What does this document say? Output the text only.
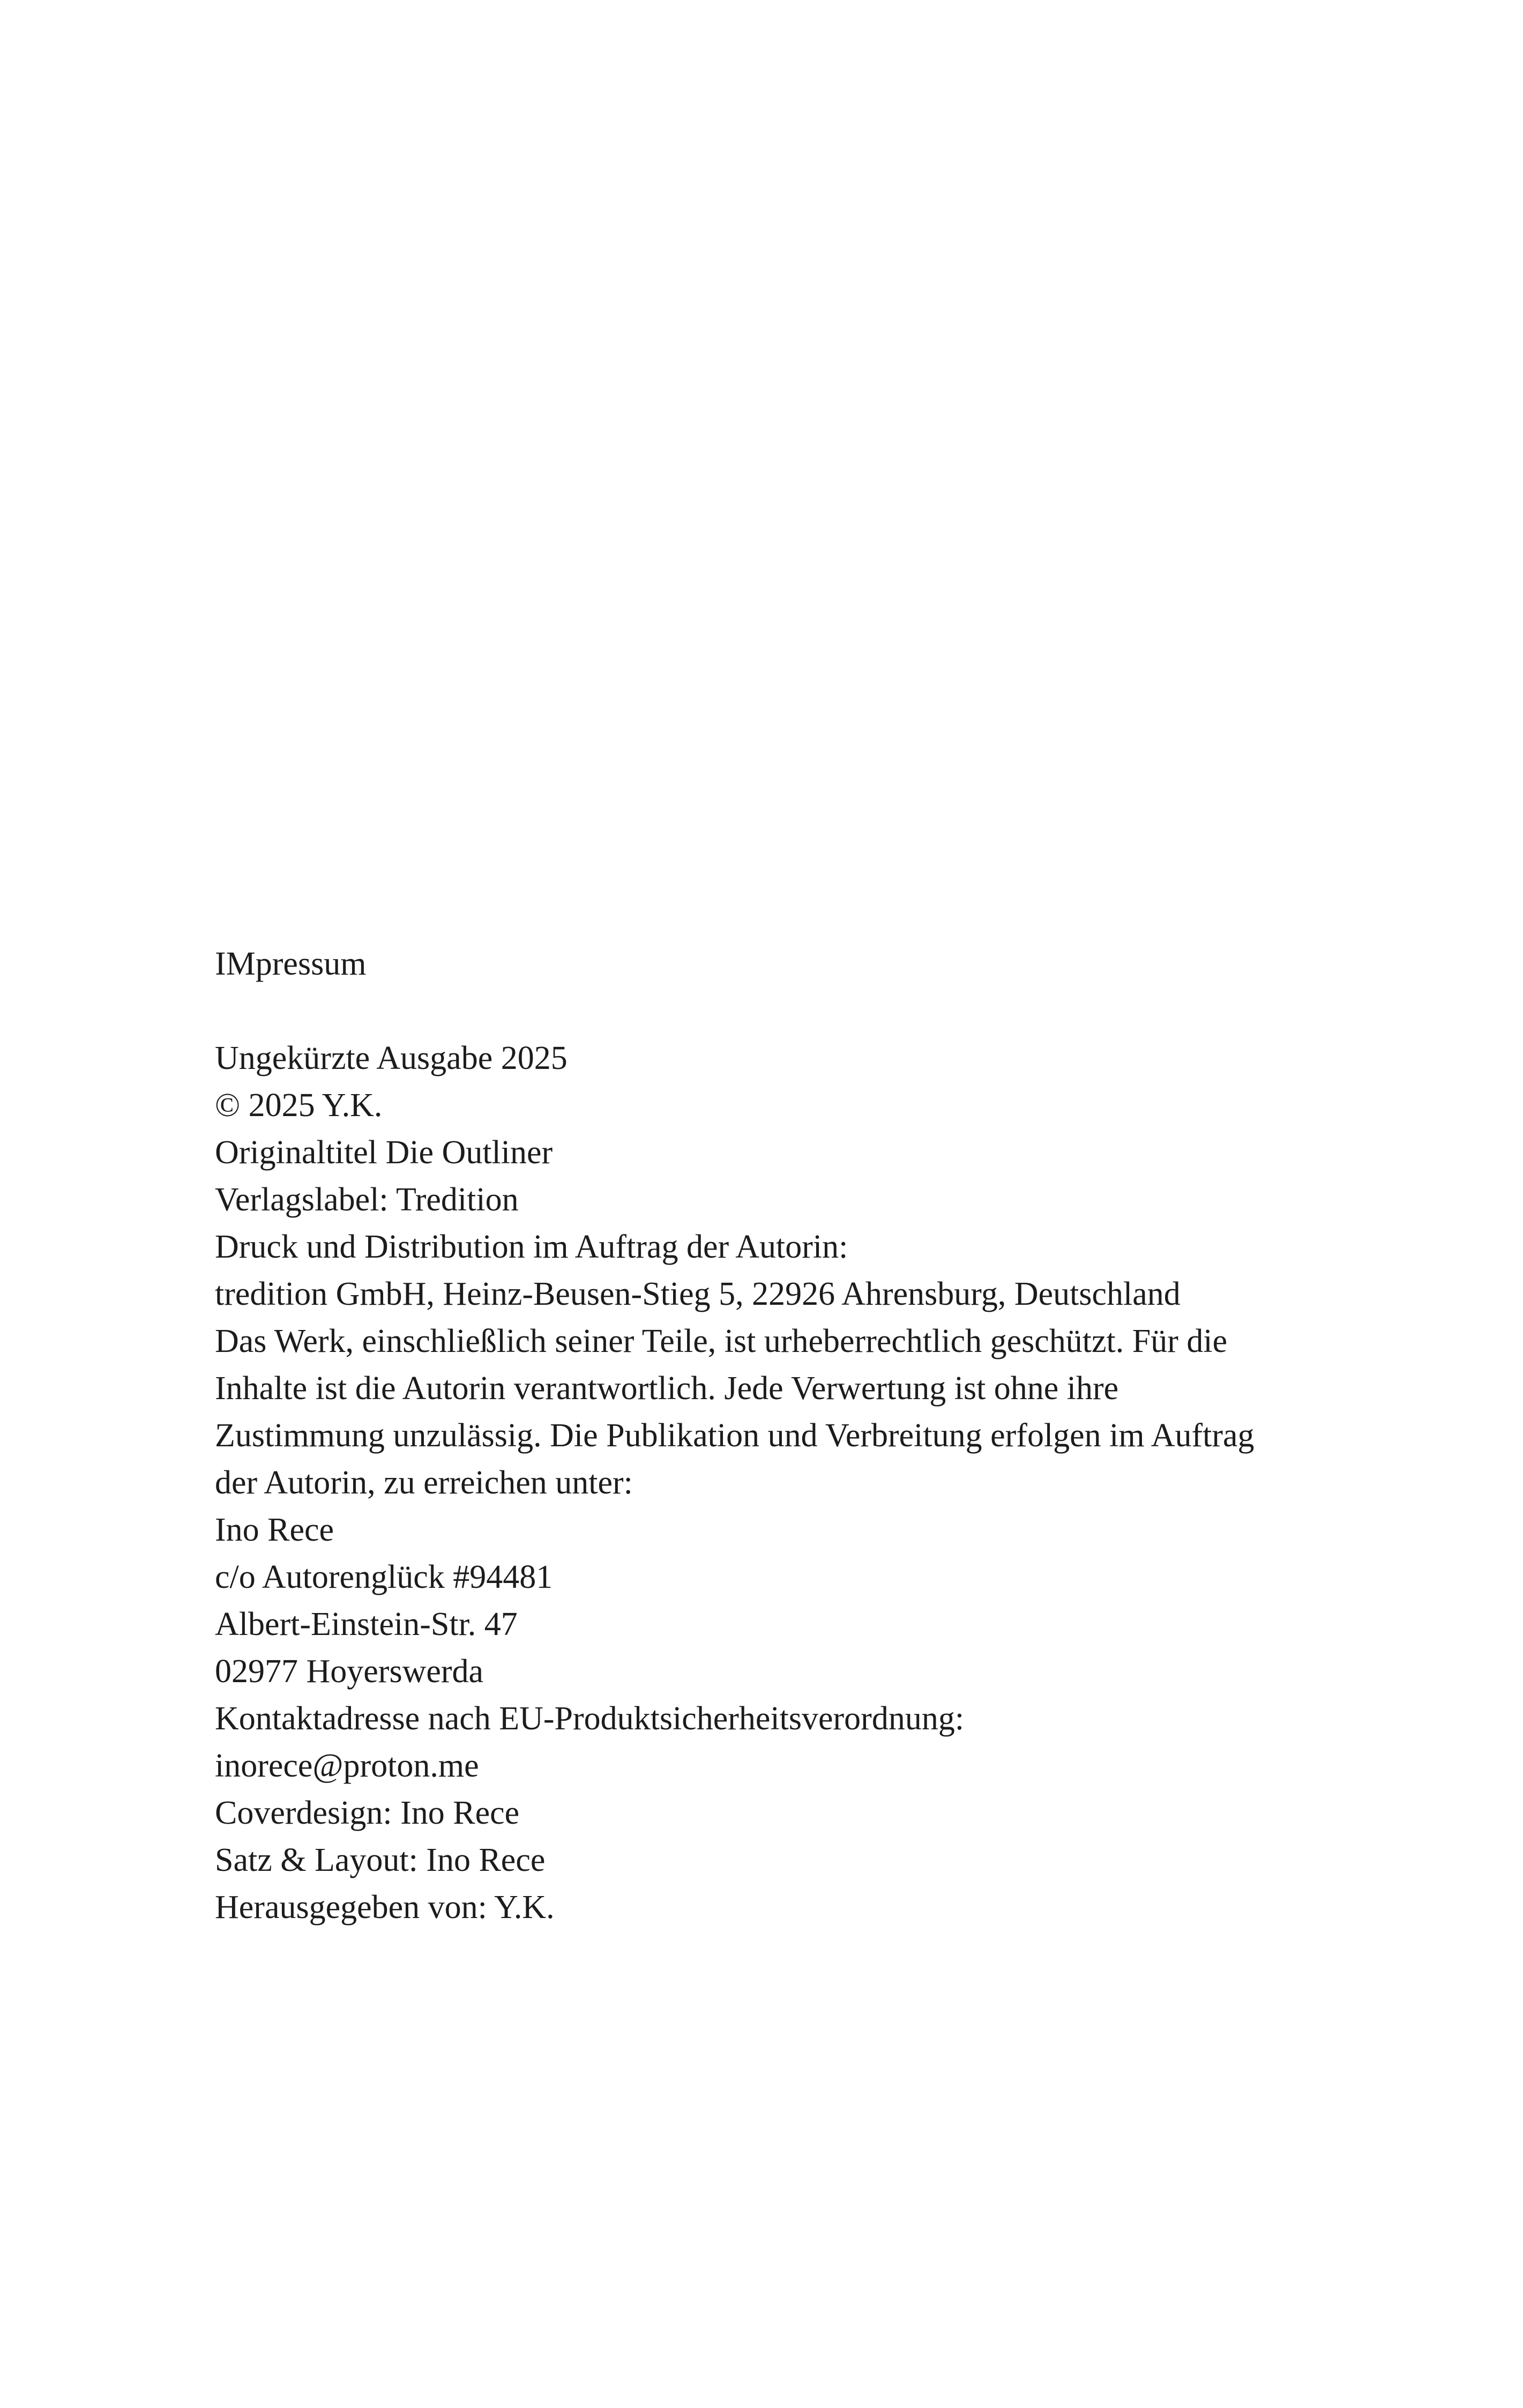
IMpressum
Ungekürzte Ausgabe 2025
© 2025 Y.K.
Originaltitel Die Outliner
Verlagslabel: Tredition
Druck und Distribution im Auftrag der Autorin:
tredition GmbH, Heinz-Beusen-Stieg 5, 22926 Ahrensburg, Deutschland
Das Werk, einschließlich seiner Teile, ist urheberrechtlich geschützt. Für die
Inhalte ist die Autorin verantwortlich. Jede Verwertung ist ohne ihre
Zustimmung unzulässig. Die Publikation und Verbreitung erfolgen im Auftrag
der Autorin, zu erreichen unter:
Ino Rece
c/o Autorenglück #94481
Albert-Einstein-Str. 47
02977 Hoyerswerda
Kontaktadresse nach EU-Produktsicherheitsverordnung:
inorece@proton.me
Coverdesign: Ino Rece
Satz & Layout: Ino Rece
Herausgegeben von: Y.K.
